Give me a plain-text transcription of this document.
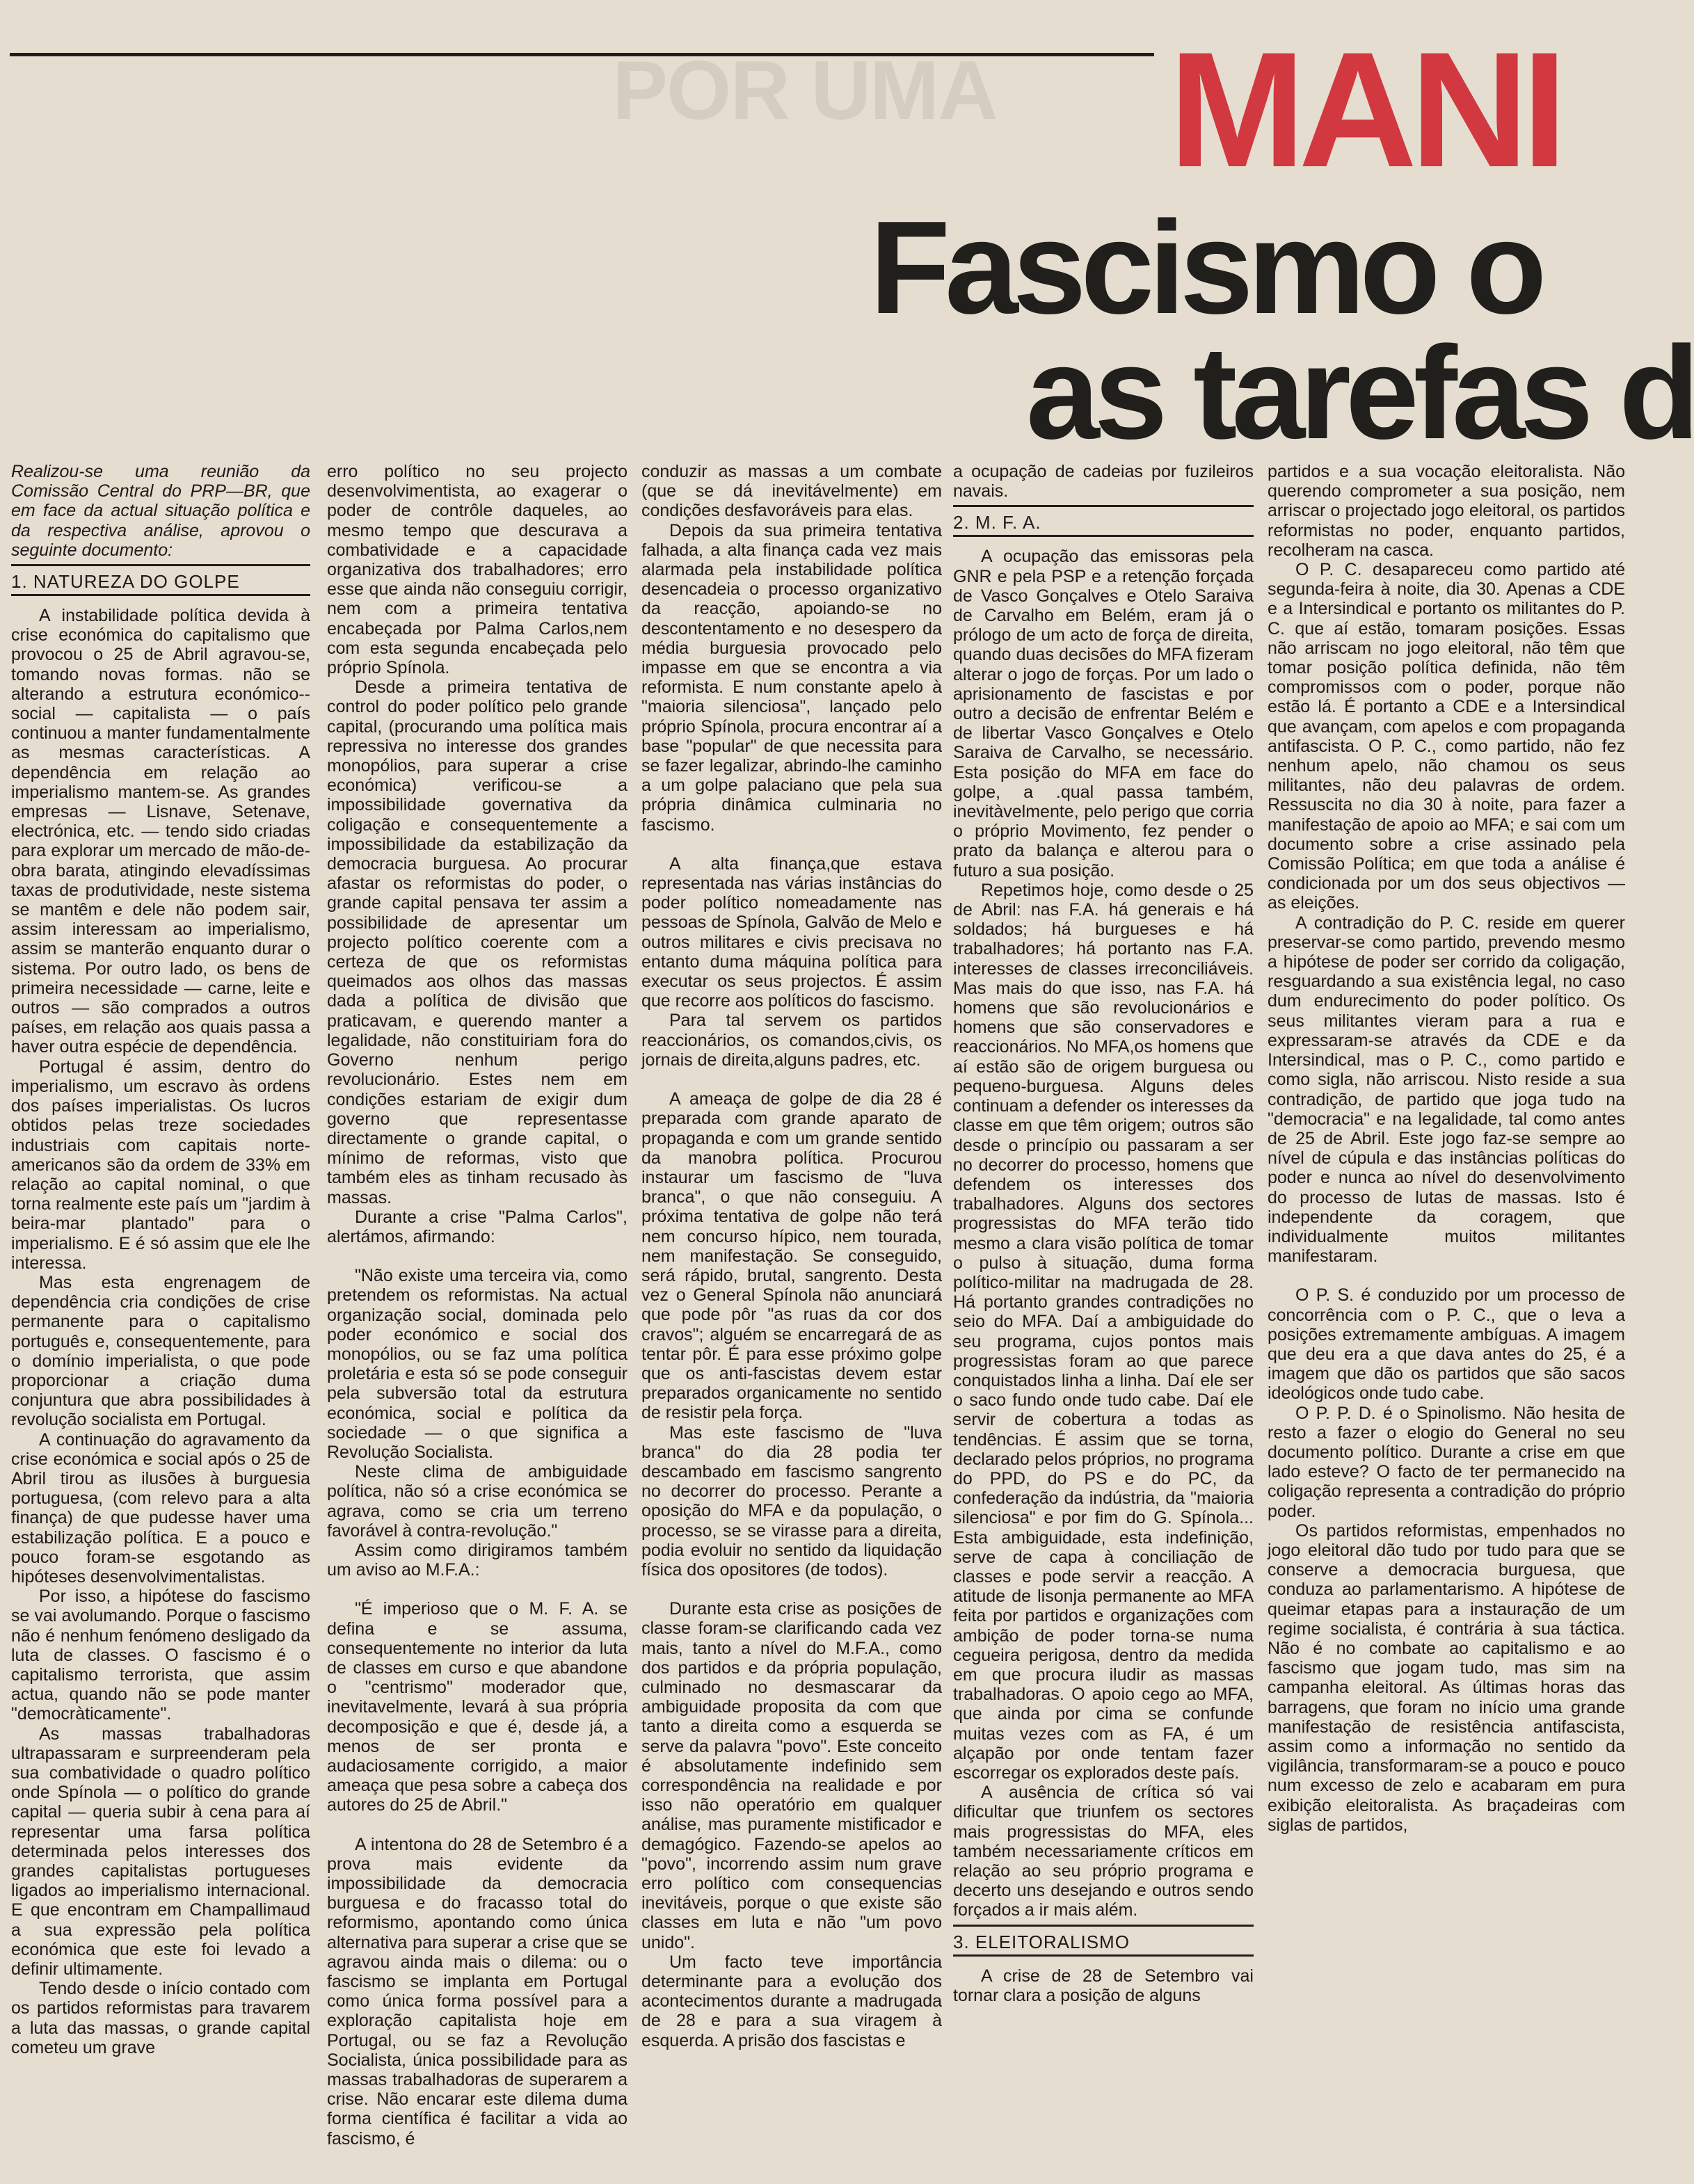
POR UMA	MANI
Fascismo o
as tarefas d

Realizou-se uma reunião da Comissão Central do PRP—BR, que em face da actual situação política e da respectiva análise, aprovou o seguinte documento:

1. NATUREZA DO GOLPE

A instabilidade política devida à crise económica do capitalismo que provocou o 25 de Abril agravou-se, tomando novas formas. não se alterando a estrutura económico--social — capitalista — o país continuou a manter fundamentalmente as mesmas características. A dependência em relação ao imperialismo mantem-se. As grandes empresas — Lisnave, Setenave, electrónica, etc. — tendo sido criadas para explorar um mercado de mão-de-obra barata, atingindo elevadíssimas taxas de produtividade, neste sistema se mantêm e dele não podem sair, assim interessam ao imperialismo, assim se manterão enquanto durar o sistema. Por outro lado, os bens de primeira necessidade — carne, leite e outros — são comprados a outros países, em relação aos quais passa a haver outra espécie de dependência.

Portugal é assim, dentro do imperialismo, um escravo às ordens dos países imperialistas. Os lucros obtidos pelas treze sociedades industriais com capitais norte-americanos são da ordem de 33% em relação ao capital nominal, o que torna realmente este país um "jardim à beira-mar plantado" para o imperialismo. E é só assim que ele lhe interessa.

Mas esta engrenagem de dependência cria condições de crise permanente para o capitalismo português e, consequentemente, para o domínio imperialista, o que pode proporcionar a criação duma conjuntura que abra possibilidades à revolução socialista em Portugal.

A continuação do agravamento da crise económica e social após o 25 de Abril tirou as ilusões à burguesia portuguesa, (com relevo para a alta finança) de que pudesse haver uma estabilização política. E a pouco e pouco foram-se esgotando as hipóteses desenvolvimentalistas.

Por isso, a hipótese do fascismo se vai avolumando. Porque o fascismo não é nenhum fenómeno desligado da luta de classes. O fascismo é o capitalismo terrorista, que assim actua, quando não se pode manter "democràticamente".

As massas trabalhadoras ultrapassaram e surpreenderam pela sua combatividade o quadro político onde Spínola — o político do grande capital — queria subir à cena para aí representar uma farsa política determinada pelos interesses dos grandes capitalistas portugueses ligados ao imperialismo internacional. E que encontram em Champallimaud a sua expressão pela política económica que este foi levado a definir ultimamente.

Tendo desde o início contado com os partidos reformistas para travarem a luta das massas, o grande capital cometeu um grave

erro político no seu projecto desenvolvimentista, ao exagerar o poder de contrôle daqueles, ao mesmo tempo que descurava a combatividade e a capacidade organizativa dos trabalhadores; erro esse que ainda não conseguiu corrigir, nem com a primeira tentativa encabeçada por Palma Carlos,nem com esta segunda encabeçada pelo próprio Spínola.

Desde a primeira tentativa de control do poder político pelo grande capital, (procurando uma política mais repressiva no interesse dos grandes monopólios, para superar a crise económica) verificou-se a impossibilidade governativa da coligação e consequentemente a impossibilidade da estabilização da democracia burguesa. Ao procurar afastar os reformistas do poder, o grande capital pensava ter assim a possibilidade de apresentar um projecto político coerente com a certeza de que os reformistas queimados aos olhos das massas dada a política de divisão que praticavam, e querendo manter a legalidade, não constituiriam fora do Governo nenhum perigo revolucionário. Estes nem em condições estariam de exigir dum governo que representasse directamente o grande capital, o mínimo de reformas, visto que também eles as tinham recusado às massas.

Durante a crise "Palma Carlos", alertámos, afirmando:

"Não existe uma terceira via, como pretendem os reformistas. Na actual organização social, dominada pelo poder económico e social dos monopólios, ou se faz uma política proletária e esta só se pode conseguir pela subversão total da estrutura económica, social e política da sociedade — o que significa a Revolução Socialista.

Neste clima de ambiguidade política, não só a crise económica se agrava, como se cria um terreno favorável à contra-revolução."

Assim como dirigiramos também um aviso ao M.F.A.:

"É imperioso que o M. F. A. se defina e se assuma, consequentemente no interior da luta de classes em curso e que abandone o "centrismo" moderador que, inevitavelmente, levará à sua própria decomposição e que é, desde já, a menos de ser pronta e audaciosamente corrigido, a maior ameaça que pesa sobre a cabeça dos autores do 25 de Abril."

A intentona do 28 de Setembro é a prova mais evidente da impossibilidade da democracia burguesa e do fracasso total do reformismo, apontando como única alternativa para superar a crise que se agravou ainda mais o dilema: ou o fascismo se implanta em Portugal como única forma possível para a exploração capitalista hoje em Portugal, ou se faz a Revolução Socialista, única possibilidade para as massas trabalhadoras de superarem a crise. Não encarar este dilema duma forma científica é facilitar a vida ao fascismo, é

conduzir as massas a um combate (que se dá inevitávelmente) em condições desfavoráveis para elas.

Depois da sua primeira tentativa falhada, a alta finança cada vez mais alarmada pela instabilidade política desencadeia o processo organizativo da reacção, apoiando-se no descontentamento e no desespero da média burguesia provocado pelo impasse em que se encontra a via reformista. E num constante apelo à "maioria silenciosa", lançado pelo próprio Spínola, procura encontrar aí a base "popular" de que necessita para se fazer legalizar, abrindo-lhe caminho a um golpe palaciano que pela sua própria dinâmica culminaria no fascismo.

A alta finança,que estava representada nas várias instâncias do poder político nomeadamente nas pessoas de Spínola, Galvão de Melo e outros militares e civis precisava no entanto duma máquina política para executar os seus projectos. É assim que recorre aos políticos do fascismo.

Para tal servem os partidos reaccionários, os comandos,civis, os jornais de direita,alguns padres, etc.

A ameaça de golpe de dia 28 é preparada com grande aparato de propaganda e com um grande sentido da manobra política. Procurou instaurar um fascismo de "luva branca", o que não conseguiu. A próxima tentativa de golpe não terá nem concurso hípico, nem tourada, nem manifestação. Se conseguido, será rápido, brutal, sangrento. Desta vez o General Spínola não anunciará que pode pôr "as ruas da cor dos cravos"; alguém se encarregará de as tentar pôr. É para esse próximo golpe que os anti-fascistas devem estar preparados organicamente no sentido de resistir pela força.

Mas este fascismo de "luva branca" do dia 28 podia ter descambado em fascismo sangrento no decorrer do processo. Perante a oposição do MFA e da população, o processo, se se virasse para a direita, podia evoluir no sentido da liquidação física dos opositores (de todos).

Durante esta crise as posições de classe foram-se clarificando cada vez mais, tanto a nível do M.F.A., como dos partidos e da própria população, culminado no desmascarar da ambiguidade proposita da com que tanto a direita como a esquerda se serve da palavra "povo". Este conceito é absolutamente indefinido sem correspondência na realidade e por isso não operatório em qualquer análise, mas puramente mistificador e demagógico. Fazendo-se apelos ao "povo", incorrendo assim num grave erro político com consequencias inevitáveis, porque o que existe são classes em luta e não "um povo unido".

Um facto teve importância determinante para a evolução dos acontecimentos durante a madrugada de 28 e para a sua viragem à esquerda. A prisão dos fascistas e

a ocupação de cadeias por fuzileiros navais.

2. M. F. A.

A ocupação das emissoras pela GNR e pela PSP e a retenção forçada de Vasco Gonçalves e Otelo Saraiva de Carvalho em Belém, eram já o prólogo de um acto de força de direita, quando duas decisões do MFA fizeram alterar o jogo de forças. Por um lado o aprisionamento de fascistas e por outro a decisão de enfrentar Belém e de libertar Vasco Gonçalves e Otelo Saraiva de Carvalho, se necessário. Esta posição do MFA em face do golpe, a .qual passa também, inevitàvelmente, pelo perigo que corria o próprio Movimento, fez pender o prato da balança e alterou para o futuro a sua posição.

Repetimos hoje, como desde o 25 de Abril: nas F.A. há generais e há soldados; há burgueses e há trabalhadores; há portanto nas F.A. interesses de classes irreconciliáveis. Mas mais do que isso, nas F.A. há homens que são revolucionários e homens que são conservadores e reaccionários. No MFA,os homens que aí estão são de origem burguesa ou pequeno-burguesa. Alguns deles continuam a defender os interesses da classe em que têm origem; outros são desde o princípio ou passaram a ser no decorrer do processo, homens que defendem os interesses dos trabalhadores. Alguns dos sectores progressistas do MFA terão tido mesmo a clara visão política de tomar o pulso à situação, duma forma político-militar na madrugada de 28. Há portanto grandes contradições no seio do MFA. Daí a ambiguidade do seu programa, cujos pontos mais progressistas foram ao que parece conquistados linha a linha. Daí ele ser o saco fundo onde tudo cabe. Daí ele servir de cobertura a todas as tendências. É assim que se torna, declarado pelos próprios, no programa do PPD, do PS e do PC, da confederação da indústria, da "maioria silenciosa" e por fim do G. Spínola... Esta ambiguidade, esta indefinição, serve de capa à conciliação de classes e pode servir a reacção. A atitude de lisonja permanente ao MFA feita por partidos e organizações com ambição de poder torna-se numa cegueira perigosa, dentro da medida em que procura iludir as massas trabalhadoras. O apoio cego ao MFA, que ainda por cima se confunde muitas vezes com as FA, é um alçapão por onde tentam fazer escorregar os explorados deste país.

A ausência de crítica só vai dificultar que triunfem os sectores mais progressistas do MFA, eles também necessariamente críticos em relação ao seu próprio programa e decerto uns desejando e outros sendo forçados a ir mais além.

3. ELEITORALISMO

A crise de 28 de Setembro vai tornar clara a posição de alguns

partidos e a sua vocação eleitoralista. Não querendo comprometer a sua posição, nem arriscar o projectado jogo eleitoral, os partidos reformistas no poder, enquanto partidos, recolheram na casca.

O P. C. desapareceu como partido até segunda-feira à noite, dia 30. Apenas a CDE e a Intersindical e portanto os militantes do P. C. que aí estão, tomaram posições. Essas não arriscam no jogo eleitoral, não têm que tomar posição política definida, não têm compromissos com o poder, porque não estão lá. É portanto a CDE e a Intersindical que avançam, com apelos e com propaganda antifascista. O P. C., como partido, não fez nenhum apelo, não chamou os seus militantes, não deu palavras de ordem. Ressuscita no dia 30 à noite, para fazer a manifestação de apoio ao MFA; e sai com um documento sobre a crise assinado pela Comissão Política; em que toda a análise é condicionada por um dos seus objectivos — as eleições.

A contradição do P. C. reside em querer preservar-se como partido, prevendo mesmo a hipótese de poder ser corrido da coligação, resguardando a sua existência legal, no caso dum endurecimento do poder político. Os seus militantes vieram para a rua e expressaram-se através da CDE e da Intersindical, mas o P. C., como partido e como sigla, não arriscou. Nisto reside a sua contradição, de partido que joga tudo na "democracia" e na legalidade, tal como antes de 25 de Abril. Este jogo faz-se sempre ao nível de cúpula e das instâncias políticas do poder e nunca ao nível do desenvolvimento do processo de lutas de massas. Isto é independente da coragem, que individualmente muitos militantes manifestaram.

O P. S. é conduzido por um processo de concorrência com o P. C., que o leva a posições extremamente ambíguas. A imagem que deu era a que dava antes do 25, é a imagem que dão os partidos que são sacos ideológicos onde tudo cabe.

O P. P. D. é o Spinolismo. Não hesita de resto a fazer o elogio do General no seu documento político. Durante a crise em que lado esteve? O facto de ter permanecido na coligação representa a contradição do próprio poder.

Os partidos reformistas, empenhados no jogo eleitoral dão tudo por tudo para que se conserve a democracia burguesa, que conduza ao parlamentarismo. A hipótese de queimar etapas para a instauração de um regime socialista, é contrária à sua táctica. Não é no combate ao capitalismo e ao fascismo que jogam tudo, mas sim na campanha eleitoral. As últimas horas das barragens, que foram no início uma grande manifestação de resistência antifascista, assim como a informação no sentido da vigilância, transformaram-se a pouco e pouco num excesso de zelo e acabaram em pura exibição eleitoralista. As braçadeiras com siglas de partidos,
